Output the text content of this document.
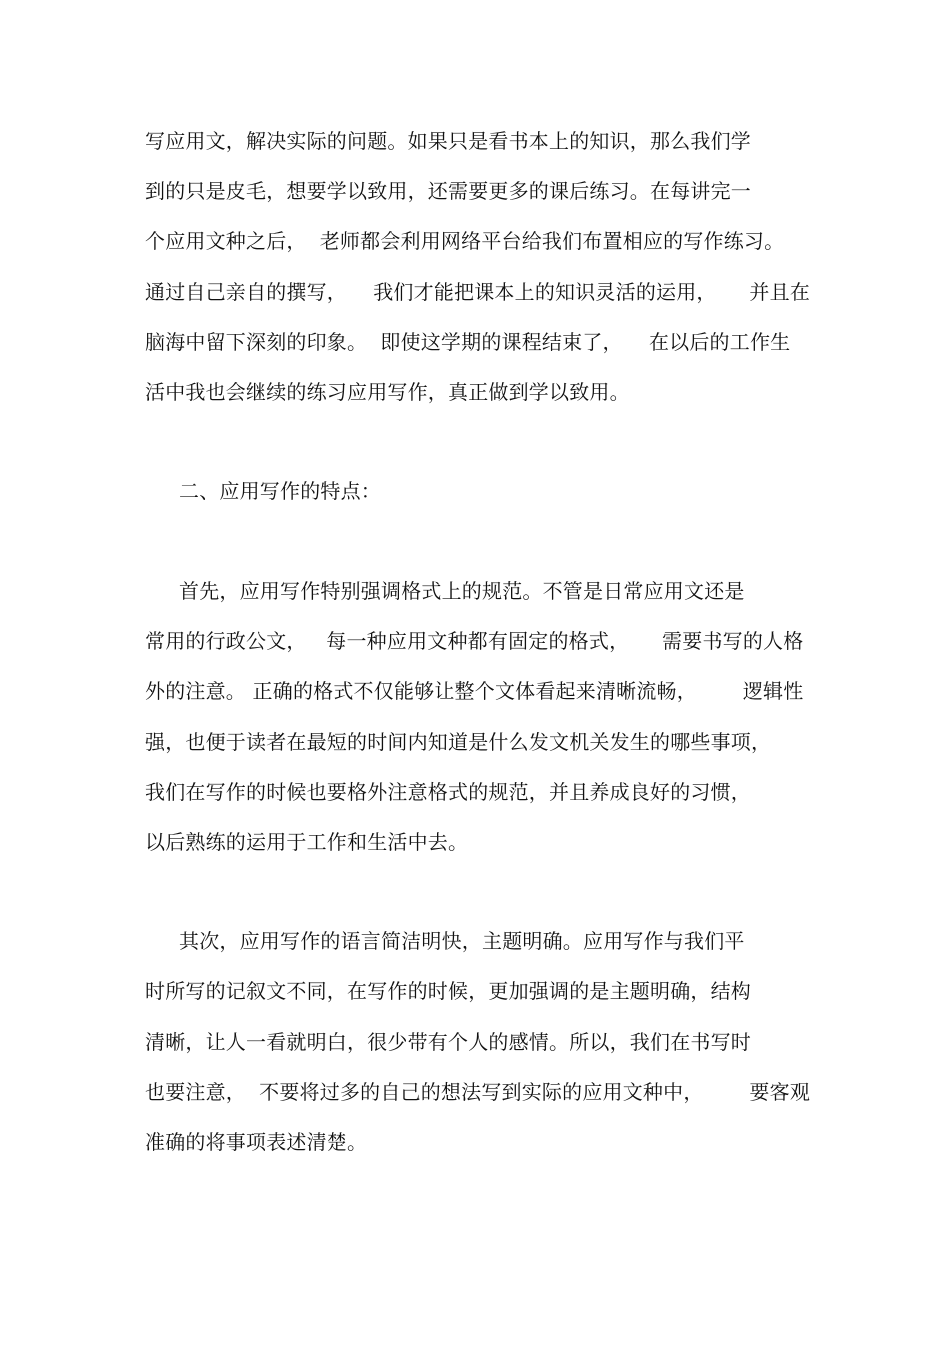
写应用文，解决实际的问题。如果只是看书本上的知识，那么我们学
到的只是皮毛，想要学以致用，还需要更多的课后练习。在每讲完一
个应用文种之后，  老师都会利用网络平台给我们布置相应的写作练习。
通过自己亲自的撰写，    我们才能把课本上的知识灵活的运用，     并且在
脑海中留下深刻的印象。  即使这学期的课程结束了，    在以后的工作生
活中我也会继续的练习应用写作，真正做到学以致用。
二、应用写作的特点：
首先，应用写作特别强调格式上的规范。不管是日常应用文还是
常用的行政公文，   每一种应用文种都有固定的格式，     需要书写的人格
外的注意。 正确的格式不仅能够让整个文体看起来清晰流畅，       逻辑性
强，也便于读者在最短的时间内知道是什么发文机关发生的哪些事项，
我们在写作的时候也要格外注意格式的规范，并且养成良好的习惯，
以后熟练的运用于工作和生活中去。
其次，应用写作的语言简洁明快，主题明确。应用写作与我们平
时所写的记叙文不同，在写作的时候，更加强调的是主题明确，结构
清晰，让人一看就明白，很少带有个人的感情。所以，我们在书写时
也要注意，  不要将过多的自己的想法写到实际的应用文种中，       要客观
准确的将事项表述清楚。
